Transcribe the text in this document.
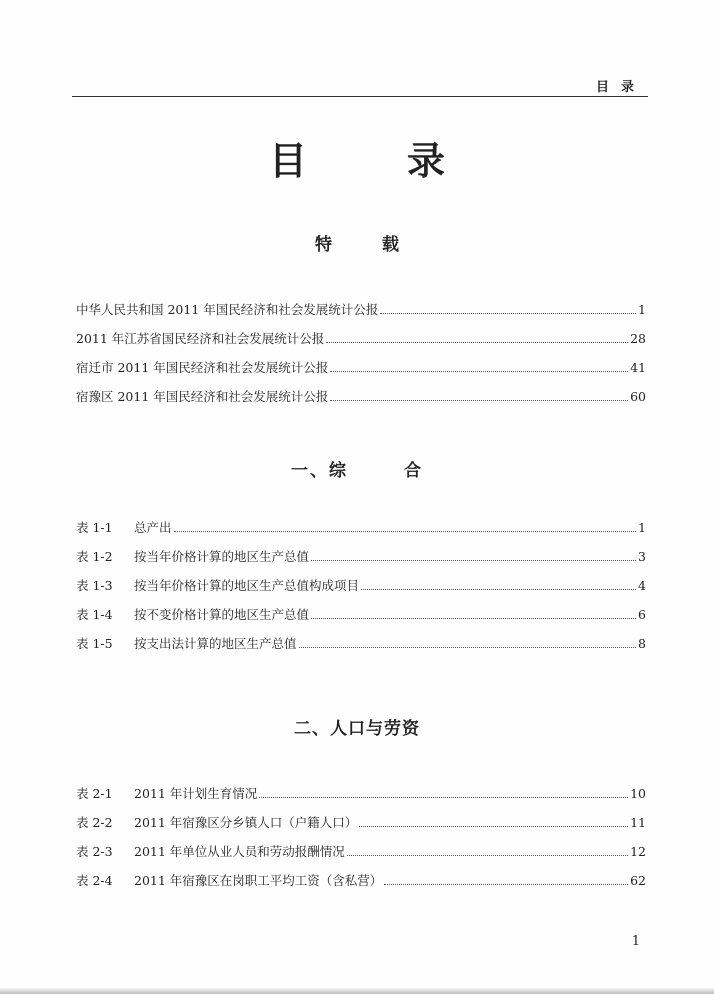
目录
目录
特载
中华人民共和国 2011 年国民经济和社会发展统计公报	1
2011 年江苏省国民经济和社会发展统计公报	28
宿迁市 2011 年国民经济和社会发展统计公报	41
宿豫区 2011 年国民经济和社会发展统计公报	60
一、综	合
表 1-1	总产出	1
表 1-2	按当年价格计算的地区生产总值	3
表 1-3	按当年价格计算的地区生产总值构成项目	4
表 1-4	按不变价格计算的地区生产总值	6
表 1-5	按支出法计算的地区生产总值	8
二、人口与劳资
表 2-1	2011 年计划生育情况	10
表 2-2	2011 年宿豫区分乡镇人口（户籍人口）	11
表 2-3	2011 年单位从业人员和劳动报酬情况	12
表 2-4	2011 年宿豫区在岗职工平均工资（含私营）	62
1
